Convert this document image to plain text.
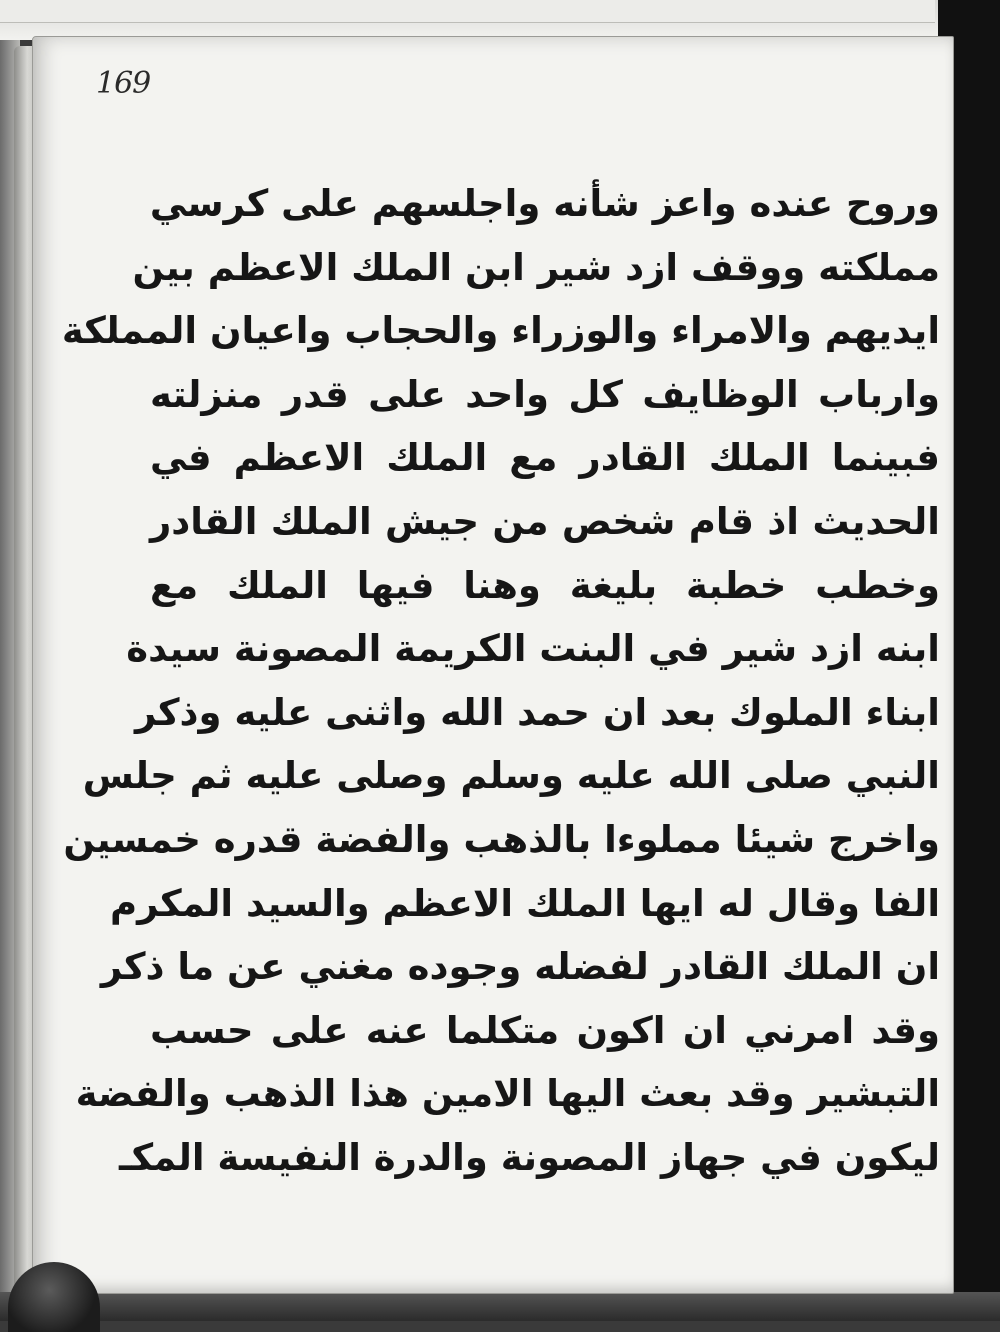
169
وروح عنده واعز شأنه واجلسهم على كرسي
مملكته ووقف ازد شير ابن الملك الاعظم بين
ايديهم والامراء والوزراء والحجاب واعيان المملكة
وارباب الوظايف كل واحد على قدر منزلته
فبينما الملك القادر مع الملك الاعظم في
الحديث اذ قام شخص من جيش الملك القادر
وخطب خطبة بليغة وهنا فيها الملك مع
ابنه ازد شير في البنت الكريمة المصونة سيدة
ابناء الملوك بعد ان حمد الله واثنى عليه وذكر
النبي صلى الله عليه وسلم وصلى عليه ثم جلس
واخرج شيئا مملوءا بالذهب والفضة قدره خمسين
الفا وقال له ايها الملك الاعظم والسيد المكرم
ان الملك القادر لفضله وجوده مغني عن ما ذكر
وقد امرني ان اكون متكلما عنه على حسب
التبشير وقد بعث اليها الامين هذا الذهب والفضة
ليكون في جهاز المصونة والدرة النفيسة المكـ
